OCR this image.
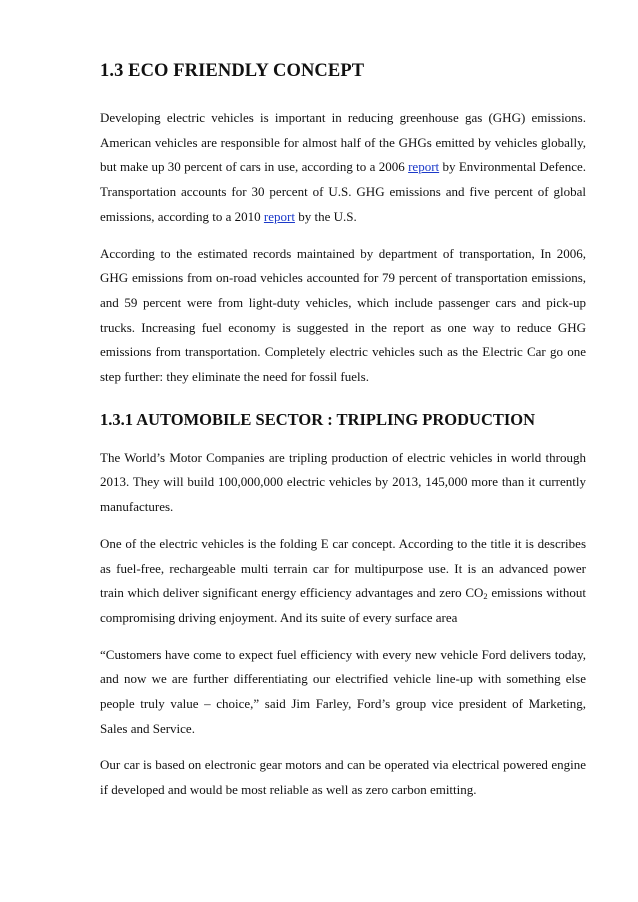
1.3 ECO FRIENDLY CONCEPT

Developing electric vehicles is important in reducing greenhouse gas (GHG) emissions. American vehicles are responsible for almost half of the GHGs emitted by vehicles globally, but make up 30 percent of cars in use, according to a 2006 report by Environmental Defence. Transportation accounts for 30 percent of U.S. GHG emissions and five percent of global emissions, according to a 2010 report by the U.S.

According to the estimated records maintained by department of transportation, In 2006, GHG emissions from on-road vehicles accounted for 79 percent of transportation emissions, and 59 percent were from light-duty vehicles, which include passenger cars and pick-up trucks. Increasing fuel economy is suggested in the report as one way to reduce GHG emissions from transportation. Completely electric vehicles such as the Electric Car go one step further: they eliminate the need for fossil fuels.

1.3.1 AUTOMOBILE SECTOR : TRIPLING PRODUCTION

The World’s Motor Companies are tripling production of electric vehicles in world through 2013. They will build 100,000,000 electric vehicles by 2013, 145,000 more than it currently manufactures.

One of the electric vehicles is the folding E car concept. According to the title it is describes as fuel-free, rechargeable multi terrain car for multipurpose use. It is an advanced power train which deliver significant energy efficiency advantages and zero $CO_2$ emissions without compromising driving enjoyment. And its suite of every surface area

“Customers have come to expect fuel efficiency with every new vehicle Ford delivers today, and now we are further differentiating our electrified vehicle line-up with something else people truly value – choice,” said Jim Farley, Ford’s group vice president of Marketing, Sales and Service.

Our car is based on electronic gear motors and can be operated via electrical powered engine if developed and would be most reliable as well as zero carbon emitting.
